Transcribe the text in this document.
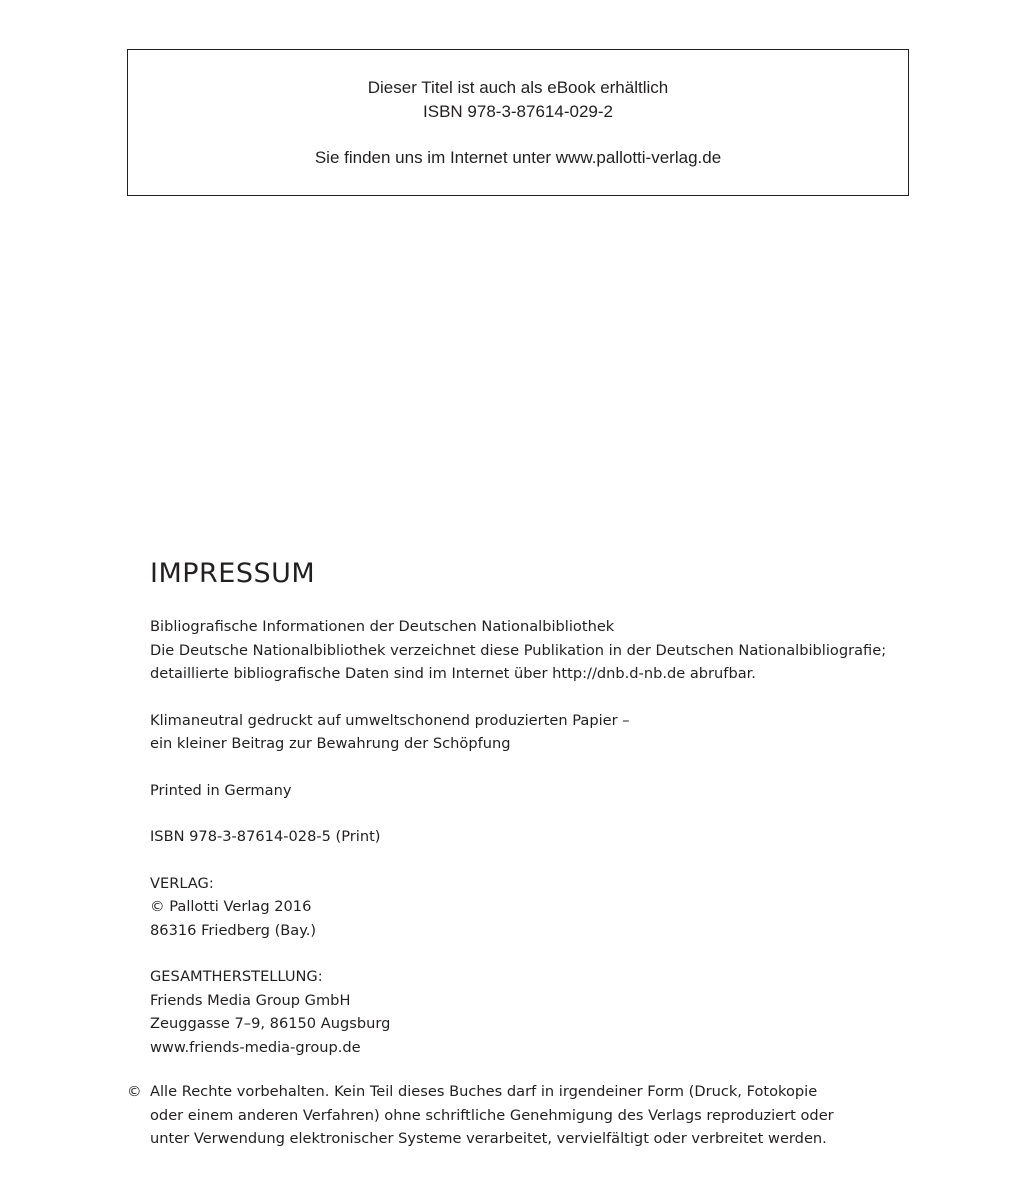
Dieser Titel ist auch als eBook erhältlich
ISBN 978-3-87614-029-2
Sie finden uns im Internet unter www.pallotti-verlag.de
IMPRESSUM
Bibliografische Informationen der Deutschen Nationalbibliothek
Die Deutsche Nationalbibliothek verzeichnet diese Publikation in der Deutschen Nationalbibliografie;
detaillierte bibliografische Daten sind im Internet über http://dnb.d-nb.de abrufbar.
Klimaneutral gedruckt auf umweltschonend produzierten Papier –
ein kleiner Beitrag zur Bewahrung der Schöpfung
Printed in Germany
ISBN 978-3-87614-028-5 (Print)
VERLAG:
© Pallotti Verlag 2016
86316 Friedberg (Bay.)
GESAMTHERSTELLUNG:
Friends Media Group GmbH
Zeuggasse 7–9, 86150 Augsburg
www.friends-media-group.de
© Alle Rechte vorbehalten. Kein Teil dieses Buches darf in irgendeiner Form (Druck, Fotokopie
oder einem anderen Verfahren) ohne schriftliche Genehmigung des Verlags reproduziert oder
unter Verwendung elektronischer Systeme verarbeitet, vervielfältigt oder verbreitet werden.
